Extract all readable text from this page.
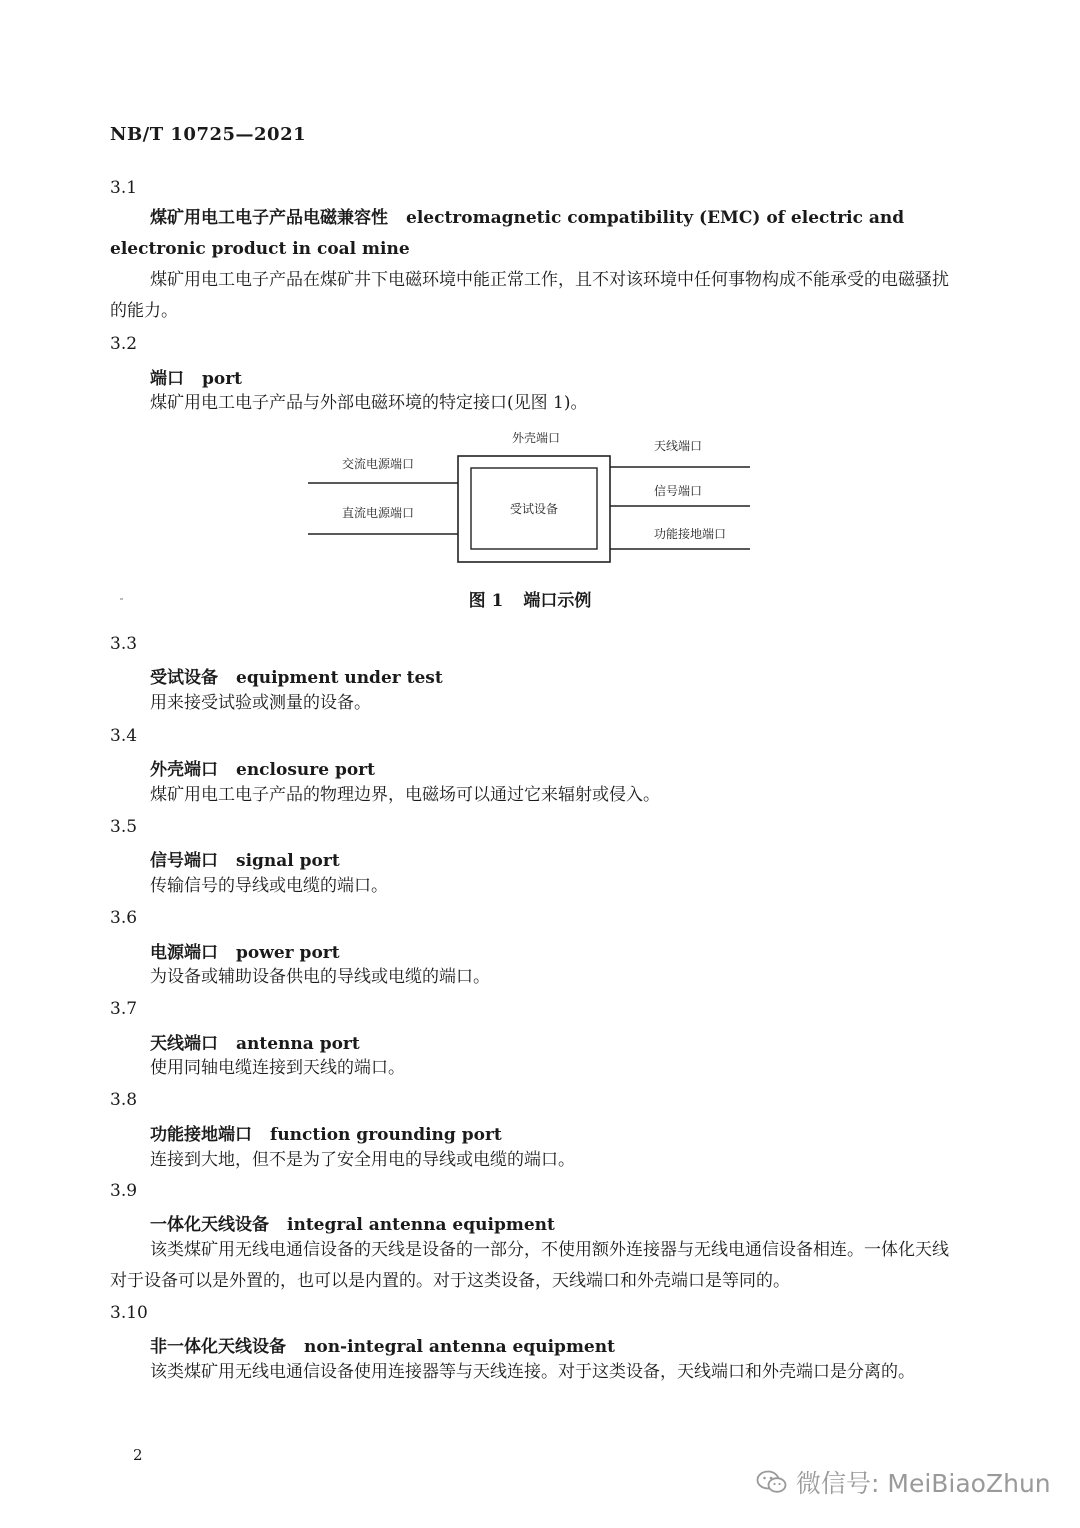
NB/T 10725—2021
3.1
煤矿用电工电子产品电磁兼容性 electromagnetic compatibility (EMC) of electric and electronic product in coal mine
煤矿用电工电子产品在煤矿井下电磁环境中能正常工作，且不对该环境中任何事物构成不能承受的电磁骚扰的能力。
3.2
端口 port
煤矿用电工电子产品与外部电磁环境的特定接口(见图 1)。
外壳端口
受试设备
交流电源端口
直流电源端口
天线端口
信号端口
功能接地端口
图 1 端口示例
3.3
受试设备 equipment under test
用来接受试验或测量的设备。
3.4
外壳端口 enclosure port
煤矿用电工电子产品的物理边界，电磁场可以通过它来辐射或侵入。
3.5
信号端口 signal port
传输信号的导线或电缆的端口。
3.6
电源端口 power port
为设备或辅助设备供电的导线或电缆的端口。
3.7
天线端口 antenna port
使用同轴电缆连接到天线的端口。
3.8
功能接地端口 function grounding port
连接到大地，但不是为了安全用电的导线或电缆的端口。
3.9
一体化天线设备 integral antenna equipment
该类煤矿用无线电通信设备的天线是设备的一部分，不使用额外连接器与无线电通信设备相连。一体化天线对于设备可以是外置的，也可以是内置的。对于这类设备，天线端口和外壳端口是等同的。
3.10
非一体化天线设备 non-integral antenna equipment
该类煤矿用无线电通信设备使用连接器等与天线连接。对于这类设备，天线端口和外壳端口是分离的。
2
微信号: MeiBiaoZhun
